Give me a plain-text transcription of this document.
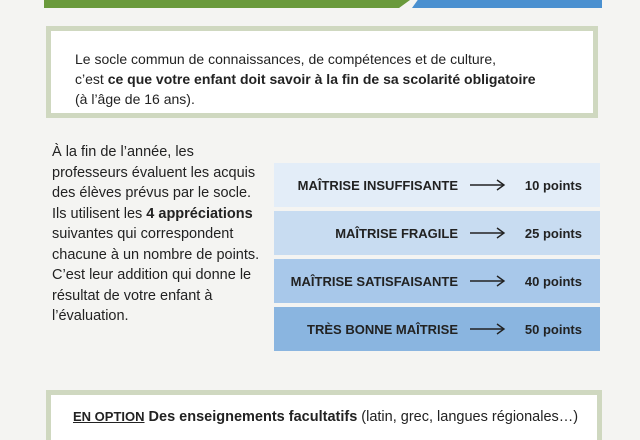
Le socle commun de connaissances, de compétences et de culture,
c’est ce que votre enfant doit savoir à la fin de sa scolarité obligatoire
(à l’âge de 16 ans).
À la fin de l’année, les professeurs évaluent les acquis des élèves prévus par le socle. Ils utilisent les 4 appréciations suivantes qui correspondent chacune à un nombre de points. C’est leur addition qui donne le résultat de votre enfant à l’évaluation.
MAÎTRISE INSUFFISANTE	10 points
MAÎTRISE FRAGILE	25 points
MAÎTRISE SATISFAISANTE	40 points
TRÈS BONNE MAÎTRISE	50 points
EN OPTION Des enseignements facultatifs (latin, grec, langues régionales…)
